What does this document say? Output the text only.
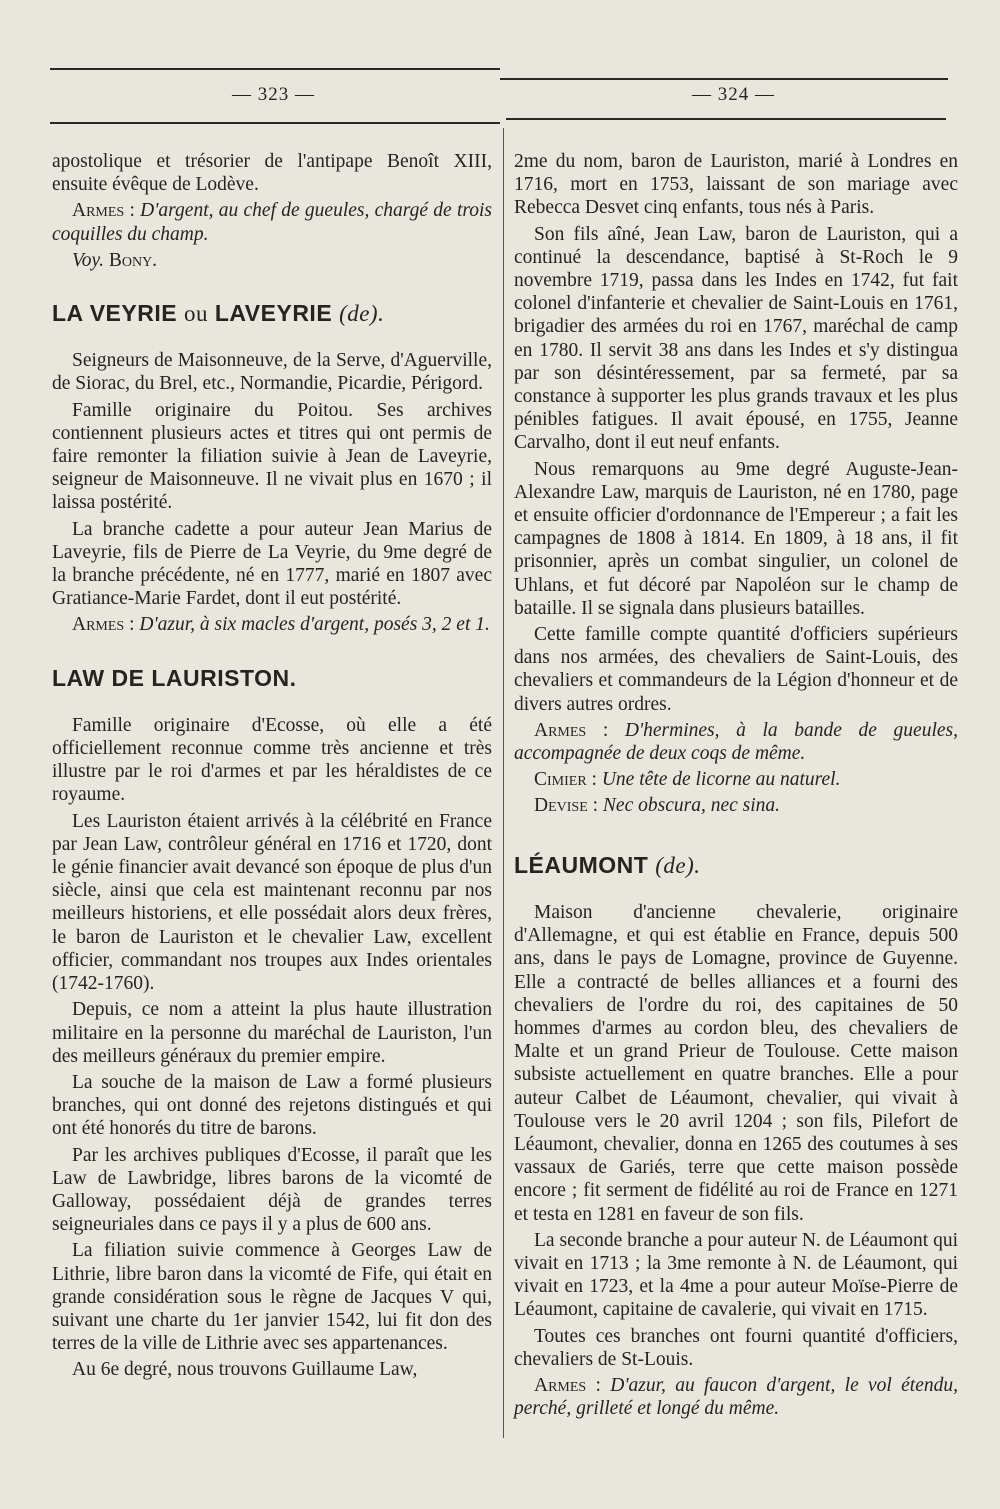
— 323 —	— 324 —

apostolique et trésorier de l'antipape Benoît XIII, ensuite évêque de Lodève.

Armes : D'argent, au chef de gueules, chargé de trois coquilles du champ.

Voy. Bony.

LA VEYRIE ou LAVEYRIE (de).

Seigneurs de Maisonneuve, de la Serve, d'Aguerville, de Siorac, du Brel, etc., Normandie, Picardie, Périgord.

Famille originaire du Poitou. Ses archives contiennent plusieurs actes et titres qui ont permis de faire remonter la filiation suivie à Jean de Laveyrie, seigneur de Maisonneuve. Il ne vivait plus en 1670 ; il laissa postérité.

La branche cadette a pour auteur Jean Marius de Laveyrie, fils de Pierre de La Veyrie, du 9me degré de la branche précédente, né en 1777, marié en 1807 avec Gratiance-Marie Fardet, dont il eut postérité.

Armes : D'azur, à six macles d'argent, posés 3, 2 et 1.

LAW DE LAURISTON.

Famille originaire d'Ecosse, où elle a été officiellement reconnue comme très ancienne et très illustre par le roi d'armes et par les héraldistes de ce royaume.

Les Lauriston étaient arrivés à la célébrité en France par Jean Law, contrôleur général en 1716 et 1720, dont le génie financier avait devancé son époque de plus d'un siècle, ainsi que cela est maintenant reconnu par nos meilleurs historiens, et elle possédait alors deux frères, le baron de Lauriston et le chevalier Law, excellent officier, commandant nos troupes aux Indes orientales (1742-1760).

Depuis, ce nom a atteint la plus haute illustration militaire en la personne du maréchal de Lauriston, l'un des meilleurs généraux du premier empire.

La souche de la maison de Law a formé plusieurs branches, qui ont donné des rejetons distingués et qui ont été honorés du titre de barons.

Par les archives publiques d'Ecosse, il paraît que les Law de Lawbridge, libres barons de la vicomté de Galloway, possédaient déjà de grandes terres seigneuriales dans ce pays il y a plus de 600 ans.

La filiation suivie commence à Georges Law de Lithrie, libre baron dans la vicomté de Fife, qui était en grande considération sous le règne de Jacques V qui, suivant une charte du 1er janvier 1542, lui fit don des terres de la ville de Lithrie avec ses appartenances.

Au 6e degré, nous trouvons Guillaume Law,

2me du nom, baron de Lauriston, marié à Londres en 1716, mort en 1753, laissant de son mariage avec Rebecca Desvet cinq enfants, tous nés à Paris.

Son fils aîné, Jean Law, baron de Lauriston, qui a continué la descendance, baptisé à St-Roch le 9 novembre 1719, passa dans les Indes en 1742, fut fait colonel d'infanterie et chevalier de Saint-Louis en 1761, brigadier des armées du roi en 1767, maréchal de camp en 1780. Il servit 38 ans dans les Indes et s'y distingua par son désintéressement, par sa fermeté, par sa constance à supporter les plus grands travaux et les plus pénibles fatigues. Il avait épousé, en 1755, Jeanne Carvalho, dont il eut neuf enfants.

Nous remarquons au 9me degré Auguste-Jean-Alexandre Law, marquis de Lauriston, né en 1780, page et ensuite officier d'ordonnance de l'Empereur ; a fait les campagnes de 1808 à 1814. En 1809, à 18 ans, il fit prisonnier, après un combat singulier, un colonel de Uhlans, et fut décoré par Napoléon sur le champ de bataille. Il se signala dans plusieurs batailles.

Cette famille compte quantité d'officiers supérieurs dans nos armées, des chevaliers de Saint-Louis, des chevaliers et commandeurs de la Légion d'honneur et de divers autres ordres.

Armes : D'hermines, à la bande de gueules, accompagnée de deux coqs de même.

Cimier : Une tête de licorne au naturel.

Devise : Nec obscura, nec sina.

LÉAUMONT (de).

Maison d'ancienne chevalerie, originaire d'Allemagne, et qui est établie en France, depuis 500 ans, dans le pays de Lomagne, province de Guyenne. Elle a contracté de belles alliances et a fourni des chevaliers de l'ordre du roi, des capitaines de 50 hommes d'armes au cordon bleu, des chevaliers de Malte et un grand Prieur de Toulouse. Cette maison subsiste actuellement en quatre branches. Elle a pour auteur Calbet de Léaumont, chevalier, qui vivait à Toulouse vers le 20 avril 1204 ; son fils, Pilefort de Léaumont, chevalier, donna en 1265 des coutumes à ses vassaux de Gariés, terre que cette maison possède encore ; fit serment de fidélité au roi de France en 1271 et testa en 1281 en faveur de son fils.

La seconde branche a pour auteur N. de Léaumont qui vivait en 1713 ; la 3me remonte à N. de Léaumont, qui vivait en 1723, et la 4me a pour auteur Moïse-Pierre de Léaumont, capitaine de cavalerie, qui vivait en 1715.

Toutes ces branches ont fourni quantité d'officiers, chevaliers de St-Louis.

Armes : D'azur, au faucon d'argent, le vol étendu, perché, grilleté et longé du même.
